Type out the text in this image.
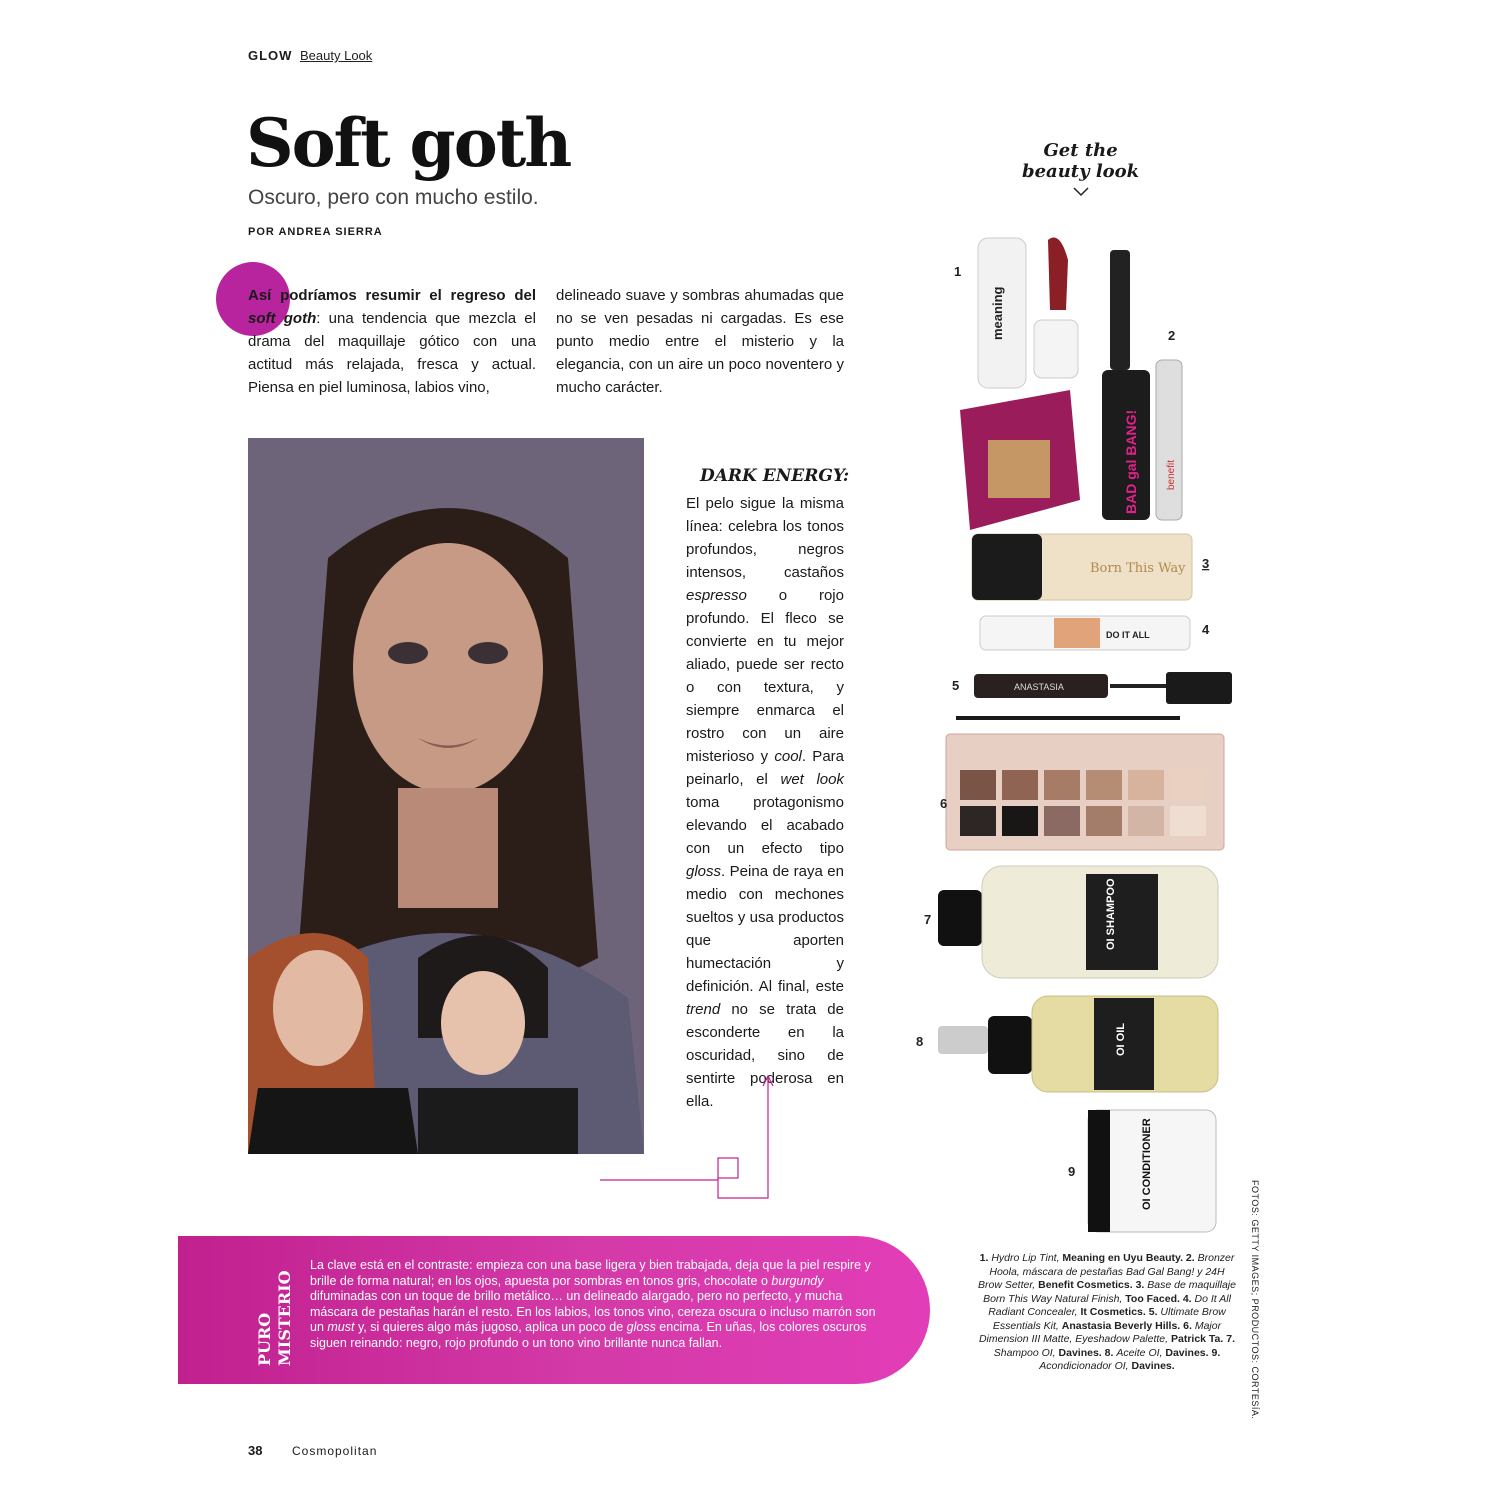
GLOW Beauty Look
Soft goth
Oscuro, pero con mucho estilo.
POR ANDREA SIERRA
Así podríamos resumir el regreso del soft goth: una tendencia que mezcla el drama del maquillaje gótico con una actitud más relajada, fresca y actual. Piensa en piel luminosa, labios vino,
delineado suave y sombras ahumadas que no se ven pesadas ni cargadas. Es ese punto medio entre el misterio y la elegancia, con un aire un poco noventero y mucho carácter.
DARK ENERGY:
El pelo sigue la misma línea: celebra los tonos profundos, negros intensos, castaños espresso o rojo profundo. El fleco se convierte en tu mejor aliado, puede ser recto o con textura, y siempre enmarca el rostro con un aire misterioso y cool. Para peinarlo, el wet look toma protagonismo elevando el acabado con un efecto tipo gloss. Peina de raya en medio con mechones sueltos y usa productos que aporten humectación y definición. Al final, este trend no se trata de esconderte en la oscuridad, sino de sentirte poderosa en ella.
Get the
beauty look
meaning
benefit
BAD gal BANG!
Born This Way 3
DO IT ALL	4
ANASTASIA
5
6
OI SHAMPOO
7
OI OIL
8
OI CONDITIONER
9
1
2
1. Hydro Lip Tint, Meaning en Uyu Beauty. 2. Bronzer Hoola, máscara de pestañas Bad Gal Bang! y 24H Brow Setter, Benefit Cosmetics. 3. Base de maquillaje Born This Way Natural Finish, Too Faced. 4. Do It All Radiant Concealer, It Cosmetics. 5. Ultimate Brow Essentials Kit, Anastasia Beverly Hills. 6. Major Dimension III Matte, Eyeshadow Palette, Patrick Ta. 7. Shampoo OI, Davines. 8. Aceite OI, Davines. 9. Acondicionador OI, Davines.	FOTOS: GETTY IMAGES; PRODUCTOS: CORTESÍA.
PURO MISTERIO
La clave está en el contraste: empieza con una base ligera y bien trabajada, deja que la piel respire y brille de forma natural; en los ojos, apuesta por sombras en tonos gris, chocolate o burgundy difuminadas con un toque de brillo metálico… un delineado alargado, pero no perfecto, y mucha máscara de pestañas harán el resto. En los labios, los tonos vino, cereza oscura o incluso marrón son un must y, si quieres algo más jugoso, aplica un poco de gloss encima. En uñas, los colores oscuros siguen reinando: negro, rojo profundo o un tono vino brillante nunca fallan.
38 Cosmopolitan
